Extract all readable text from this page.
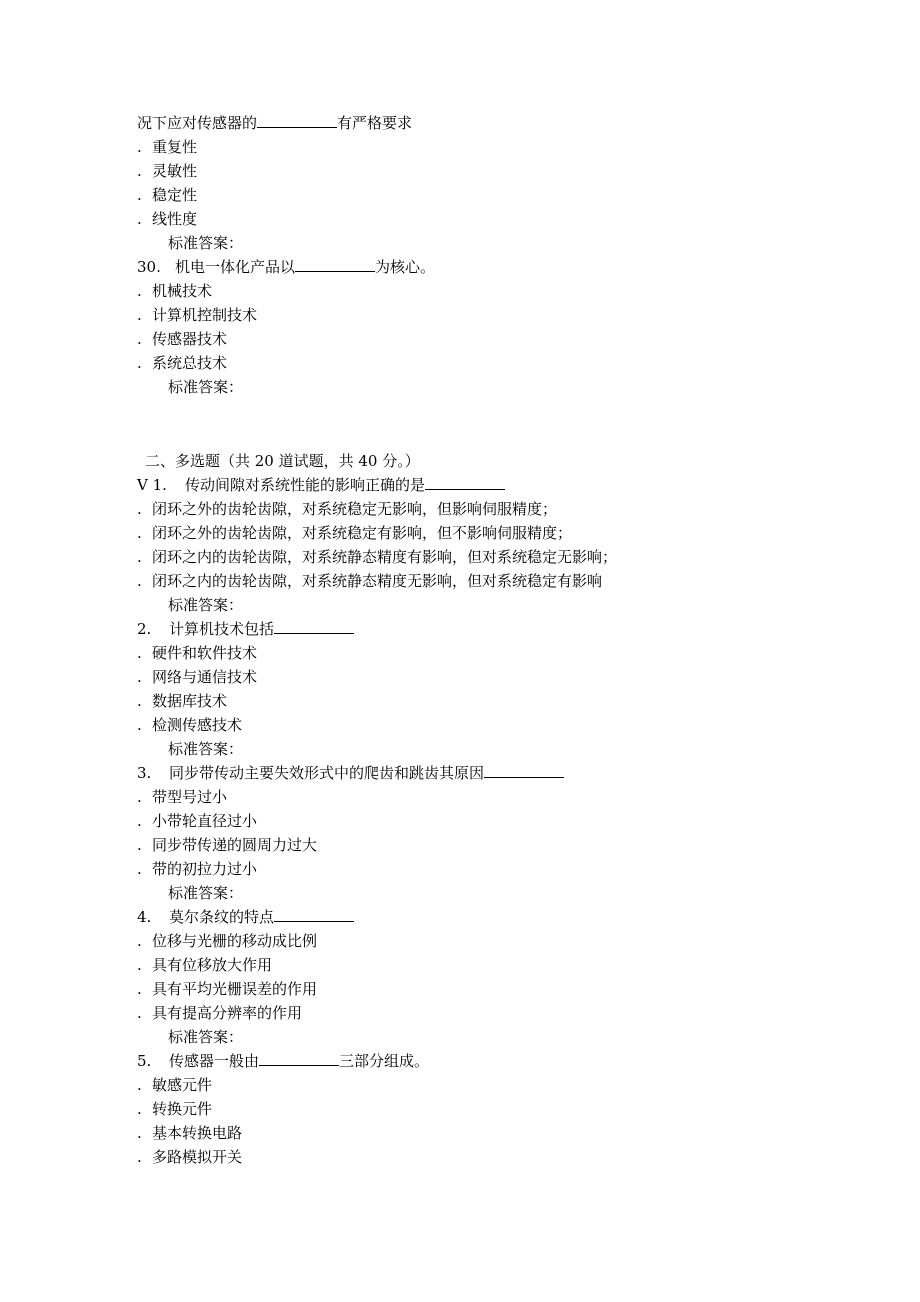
况下应对传感器的	有严格要求
. 重复性
. 灵敏性
. 稳定性
. 线性度
标准答案：
30. 机电一体化产品以	为核心。
. 机械技术
. 计算机控制技术
. 传感器技术
. 系统总技术
标准答案：
二、多选题（共 20 道试题，共 40 分。）
V 1. 传动间隙对系统性能的影响正确的是
. 闭环之外的齿轮齿隙，对系统稳定无影响，但影响伺服精度；
. 闭环之外的齿轮齿隙，对系统稳定有影响，但不影响伺服精度；
. 闭环之内的齿轮齿隙，对系统静态精度有影响，但对系统稳定无影响；
. 闭环之内的齿轮齿隙，对系统静态精度无影响，但对系统稳定有影响
标准答案：
2. 计算机技术包括
. 硬件和软件技术
. 网络与通信技术
. 数据库技术
. 检测传感技术
标准答案：
3. 同步带传动主要失效形式中的爬齿和跳齿其原因
. 带型号过小
. 小带轮直径过小
. 同步带传递的圆周力过大
. 带的初拉力过小
标准答案：
4. 莫尔条纹的特点
. 位移与光栅的移动成比例
. 具有位移放大作用
. 具有平均光栅误差的作用
. 具有提高分辨率的作用
标准答案：
5. 传感器一般由	三部分组成。
. 敏感元件
. 转换元件
. 基本转换电路
. 多路模拟开关
